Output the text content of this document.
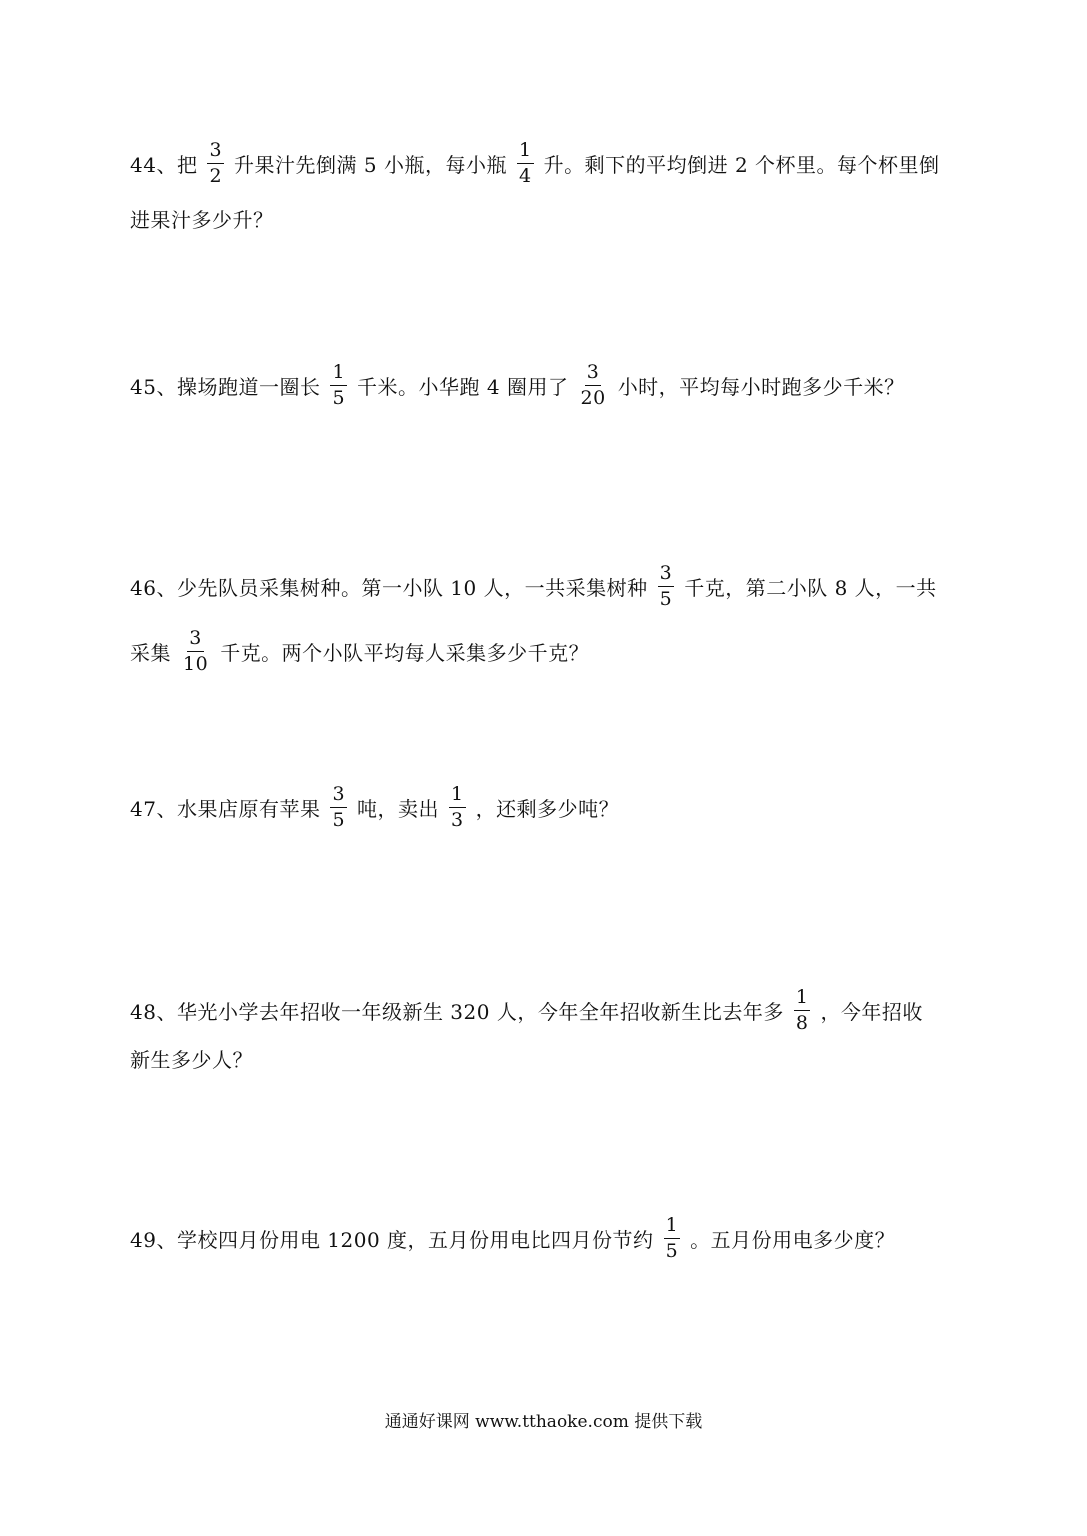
44、把 $\frac{3}{2}$ 升果汁先倒满 5 小瓶，每小瓶 $\frac{1}{4}$ 升。剩下的平均倒进 2 个杯里。每个杯里倒
进果汁多少升？
45、操场跑道一圈长 $\frac{1}{5}$ 千米。小华跑 4 圈用了 $\frac{3}{20}$ 小时，平均每小时跑多少千米？
46、少先队员采集树种。第一小队 10 人，一共采集树种 $\frac{3}{5}$ 千克，第二小队 8 人，一共
采集 $\frac{3}{10}$ 千克。两个小队平均每人采集多少千克？
47、水果店原有苹果 $\frac{3}{5}$ 吨，卖出 $\frac{1}{3}$ ，还剩多少吨？
48、华光小学去年招收一年级新生 320 人，今年全年招收新生比去年多 $\frac{1}{8}$ ，今年招收
新生多少人？
49、学校四月份用电 1200 度，五月份用电比四月份节约 $\frac{1}{5}$ 。五月份用电多少度？
通通好课网 www.tthaoke.com 提供下载
